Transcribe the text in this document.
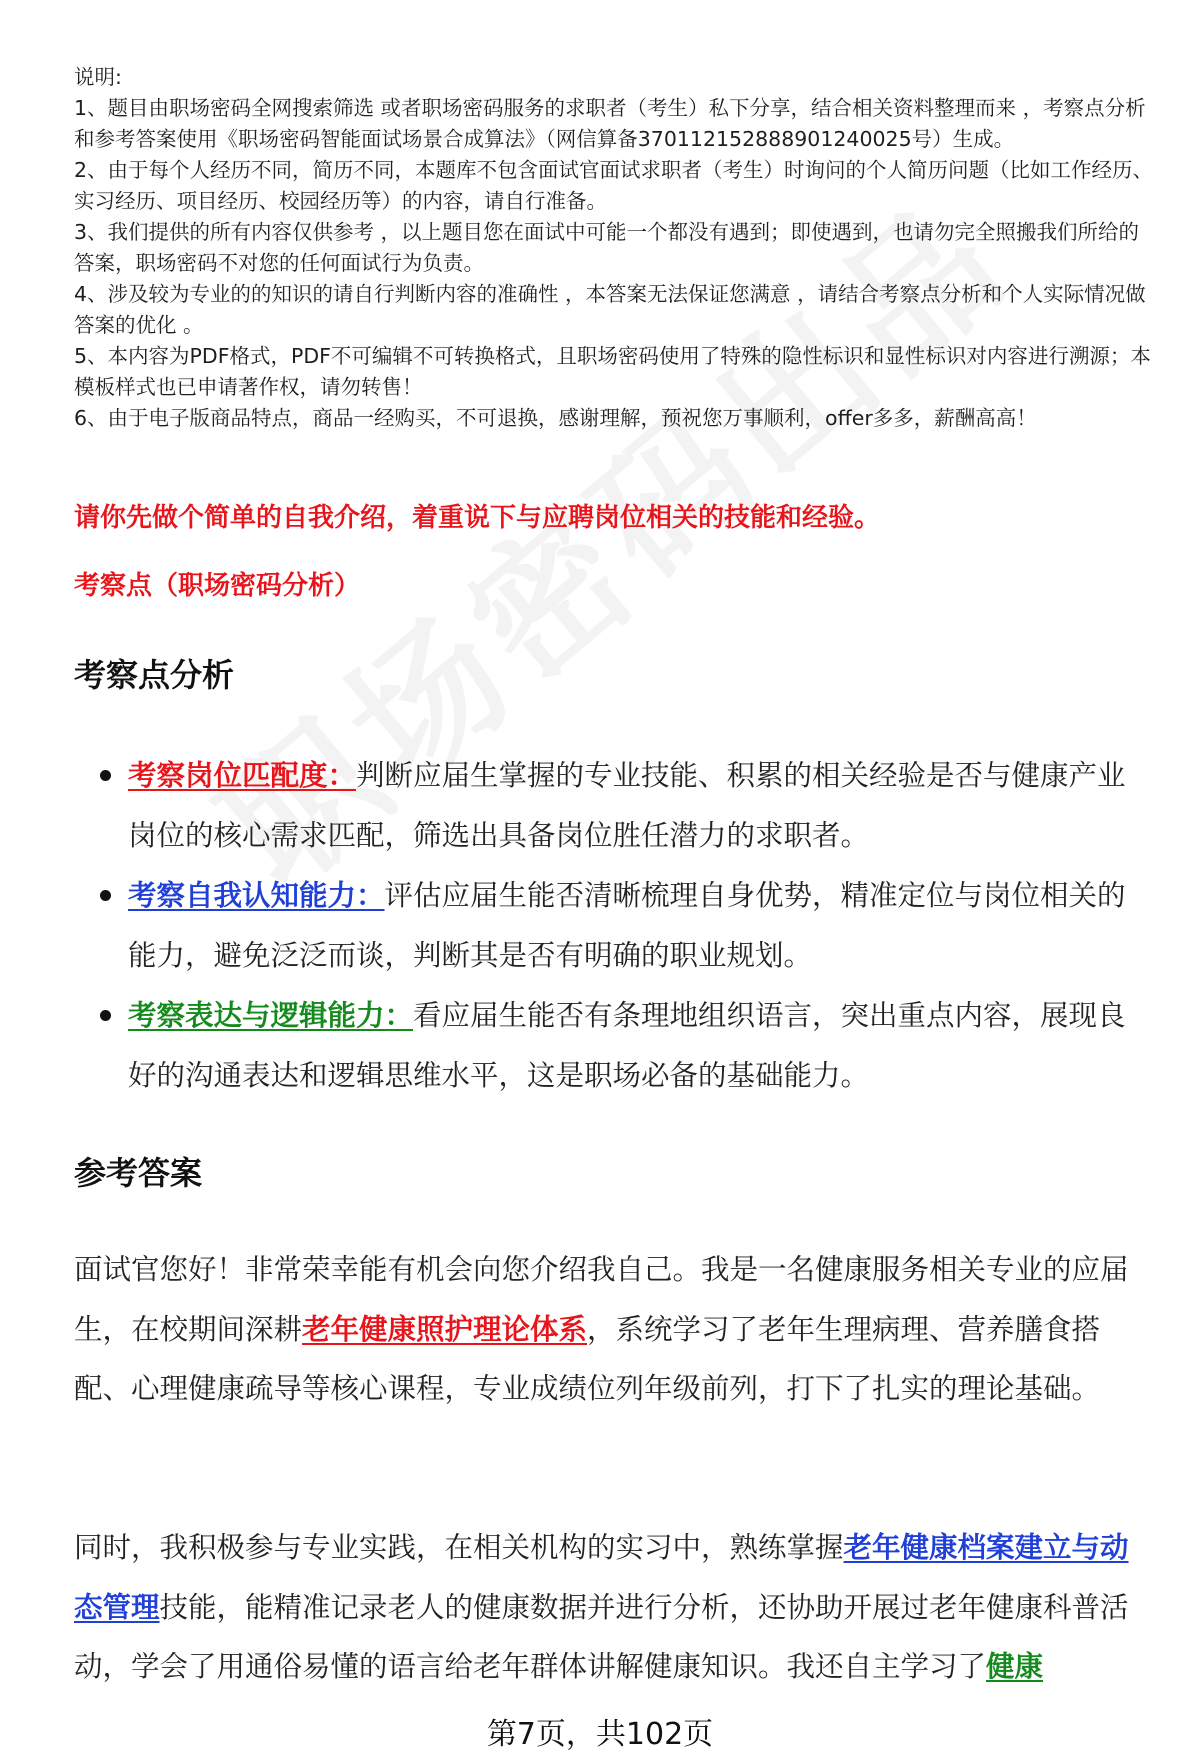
说明:

1、题目由职场密码全网搜索筛选 或者职场密码服务的求职者（考生）私下分享，结合相关资料整理而来 ，考察点分析和参考答案使用《职场密码智能面试场景合成算法》（网信算备370112152888901240025号）生成。

2、由于每个人经历不同，简历不同，本题库不包含面试官面试求职者（考生）时询问的个人简历问题（比如工作经历、实习经历、项目经历、校园经历等）的内容，请自行准备。

3、我们提供的所有内容仅供参考 ，以上题目您在面试中可能一个都没有遇到；即使遇到，也请勿完全照搬我们所给的答案，职场密码不对您的任何面试行为负责。

4、涉及较为专业的的知识的请自行判断内容的准确性 ，本答案无法保证您满意 ，请结合考察点分析和个人实际情况做答案的优化 。

5、本内容为PDF格式，PDF不可编辑不可转换格式，且职场密码使用了特殊的隐性标识和显性标识对内容进行溯源；本模板样式也已申请著作权，请勿转售！

6、由于电子版商品特点，商品一经购买，不可退换，感谢理解，预祝您万事顺利，offer多多，薪酬高高！

请你先做个简单的自我介绍，着重说下与应聘岗位相关的技能和经验。
考察点（职场密码分析）
考察点分析
考察岗位匹配度：判断应届生掌握的专业技能、积累的相关经验是否与健康产业岗位的核心需求匹配，筛选出具备岗位胜任潜力的求职者。
考察自我认知能力：评估应届生能否清晰梳理自身优势，精准定位与岗位相关的能力，避免泛泛而谈，判断其是否有明确的职业规划。
考察表达与逻辑能力：看应届生能否有条理地组织语言，突出重点内容，展现良好的沟通表达和逻辑思维水平，这是职场必备的基础能力。
参考答案

面试官您好！非常荣幸能有机会向您介绍我自己。我是一名健康服务相关专业的应届生，在校期间深耕老年健康照护理论体系，系统学习了老年生理病理、营养膳食搭配、心理健康疏导等核心课程，专业成绩位列年级前列，打下了扎实的理论基础。

同时，我积极参与专业实践，在相关机构的实习中，熟练掌握老年健康档案建立与动态管理技能，能精准记录老人的健康数据并进行分析，还协助开展过老年健康科普活动，学会了用通俗易懂的语言给老年群体讲解健康知识。我还自主学习了健康

第7页，共102页
